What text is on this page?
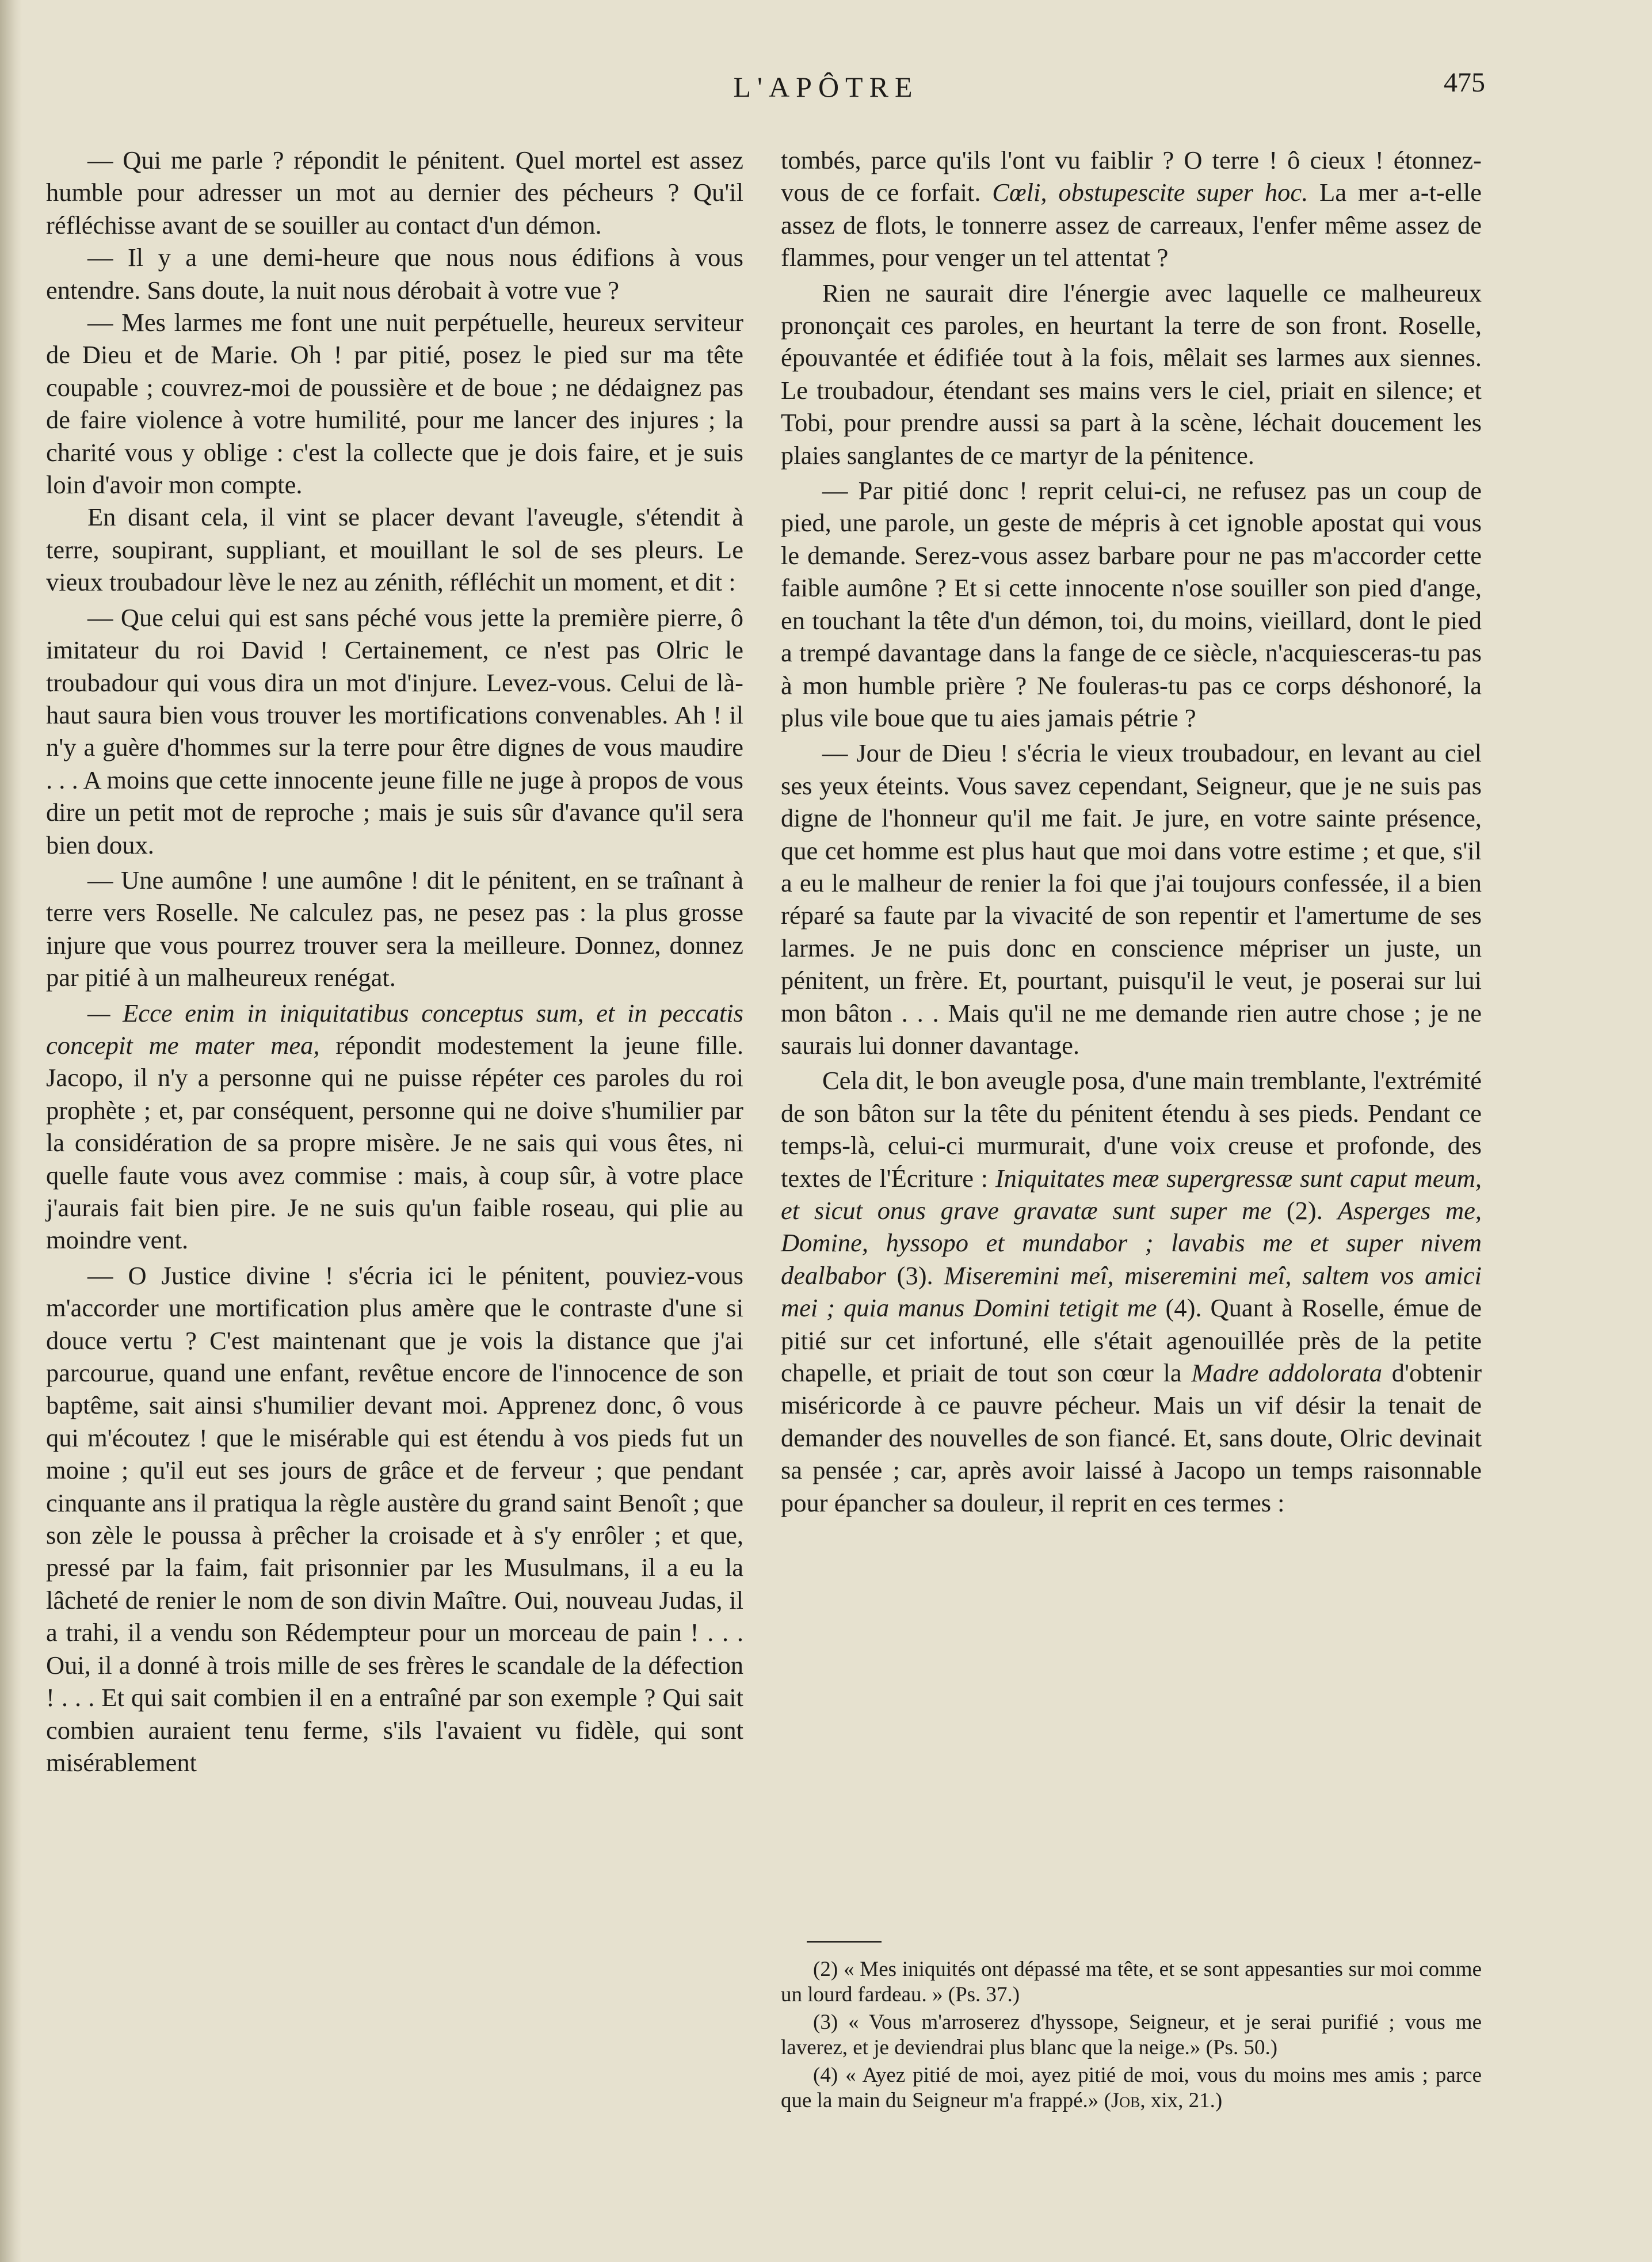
L'APÔTRE	475

— Qui me parle ? répondit le pénitent. Quel mortel est assez humble pour adresser un mot au dernier des pécheurs ? Qu'il réfléchisse avant de se souiller au contact d'un démon.

— Il y a une demi-heure que nous nous édifions à vous entendre. Sans doute, la nuit nous dérobait à votre vue ?

— Mes larmes me font une nuit perpétuelle, heureux serviteur de Dieu et de Marie. Oh ! par pitié, posez le pied sur ma tête coupable ; couvrez-moi de poussière et de boue ; ne dédaignez pas de faire violence à votre humilité, pour me lancer des injures ; la charité vous y oblige : c'est la collecte que je dois faire, et je suis loin d'avoir mon compte.

En disant cela, il vint se placer devant l'aveugle, s'étendit à terre, soupirant, suppliant, et mouillant le sol de ses pleurs. Le vieux troubadour lève le nez au zénith, réfléchit un moment, et dit :

— Que celui qui est sans péché vous jette la première pierre, ô imitateur du roi David ! Certainement, ce n'est pas Olric le troubadour qui vous dira un mot d'injure. Levez-vous. Celui de là-haut saura bien vous trouver les mortifications convenables. Ah ! il n'y a guère d'hommes sur la terre pour être dignes de vous maudire . . . A moins que cette innocente jeune fille ne juge à propos de vous dire un petit mot de reproche ; mais je suis sûr d'avance qu'il sera bien doux.

— Une aumône ! une aumône ! dit le pénitent, en se traînant à terre vers Roselle. Ne calculez pas, ne pesez pas : la plus grosse injure que vous pourrez trouver sera la meilleure. Donnez, donnez par pitié à un malheureux renégat.

— Ecce enim in iniquitatibus conceptus sum, et in peccatis concepit me mater mea, répondit modestement la jeune fille. Jacopo, il n'y a personne qui ne puisse répéter ces paroles du roi prophète ; et, par conséquent, personne qui ne doive s'humilier par la considération de sa propre misère. Je ne sais qui vous êtes, ni quelle faute vous avez commise : mais, à coup sûr, à votre place j'aurais fait bien pire. Je ne suis qu'un faible roseau, qui plie au moindre vent.

— O Justice divine ! s'écria ici le pénitent, pouviez-vous m'accorder une mortification plus amère que le contraste d'une si douce vertu ? C'est maintenant que je vois la distance que j'ai parcourue, quand une enfant, revêtue encore de l'innocence de son baptême, sait ainsi s'humilier devant moi. Apprenez donc, ô vous qui m'écoutez ! que le misérable qui est étendu à vos pieds fut un moine ; qu'il eut ses jours de grâce et de ferveur ; que pendant cinquante ans il pratiqua la règle austère du grand saint Benoît ; que son zèle le poussa à prêcher la croisade et à s'y enrôler ; et que, pressé par la faim, fait prisonnier par les Musulmans, il a eu la lâcheté de renier le nom de son divin Maître. Oui, nouveau Judas, il a trahi, il a vendu son Rédempteur pour un morceau de pain ! . . . Oui, il a donné à trois mille de ses frères le scandale de la défection ! . . . Et qui sait combien il en a entraîné par son exemple ? Qui sait combien auraient tenu ferme, s'ils l'avaient vu fidèle, qui sont misérablement

tombés, parce qu'ils l'ont vu faiblir ? O terre ! ô cieux ! étonnez-vous de ce forfait. Cœli, obstupescite super hoc. La mer a-t-elle assez de flots, le tonnerre assez de carreaux, l'enfer même assez de flammes, pour venger un tel attentat ?

Rien ne saurait dire l'énergie avec laquelle ce malheureux prononçait ces paroles, en heurtant la terre de son front. Roselle, épouvantée et édifiée tout à la fois, mêlait ses larmes aux siennes. Le troubadour, étendant ses mains vers le ciel, priait en silence; et Tobi, pour prendre aussi sa part à la scène, léchait doucement les plaies sanglantes de ce martyr de la pénitence.

— Par pitié donc ! reprit celui-ci, ne refusez pas un coup de pied, une parole, un geste de mépris à cet ignoble apostat qui vous le demande. Serez-vous assez barbare pour ne pas m'accorder cette faible aumône ? Et si cette innocente n'ose souiller son pied d'ange, en touchant la tête d'un démon, toi, du moins, vieillard, dont le pied a trempé davantage dans la fange de ce siècle, n'acquiesceras-tu pas à mon humble prière ? Ne fouleras-tu pas ce corps déshonoré, la plus vile boue que tu aies jamais pétrie ?

— Jour de Dieu ! s'écria le vieux troubadour, en levant au ciel ses yeux éteints. Vous savez cependant, Seigneur, que je ne suis pas digne de l'honneur qu'il me fait. Je jure, en votre sainte présence, que cet homme est plus haut que moi dans votre estime ; et que, s'il a eu le malheur de renier la foi que j'ai toujours confessée, il a bien réparé sa faute par la vivacité de son repentir et l'amertume de ses larmes. Je ne puis donc en conscience mépriser un juste, un pénitent, un frère. Et, pourtant, puisqu'il le veut, je poserai sur lui mon bâton . . . Mais qu'il ne me demande rien autre chose ; je ne saurais lui donner davantage.

Cela dit, le bon aveugle posa, d'une main tremblante, l'extrémité de son bâton sur la tête du pénitent étendu à ses pieds. Pendant ce temps-là, celui-ci murmurait, d'une voix creuse et profonde, des textes de l'Écriture : Iniquitates meæ supergressæ sunt caput meum, et sicut onus grave gravatæ sunt super me (2). Asperges me, Domine, hyssopo et mundabor ; lavabis me et super nivem dealbabor (3). Miseremini meî, miseremini meî, saltem vos amici mei ; quia manus Domini tetigit me (4). Quant à Roselle, émue de pitié sur cet infortuné, elle s'était agenouillée près de la petite chapelle, et priait de tout son cœur la Madre addolorata d'obtenir miséricorde à ce pauvre pécheur. Mais un vif désir la tenait de demander des nouvelles de son fiancé. Et, sans doute, Olric devinait sa pensée ; car, après avoir laissé à Jacopo un temps raisonnable pour épancher sa douleur, il reprit en ces termes :

(2) « Mes iniquités ont dépassé ma tête, et se sont appesanties sur moi comme un lourd fardeau. » (Ps. 37.)

(3) « Vous m'arroserez d'hyssope, Seigneur, et je serai purifié ; vous me laverez, et je deviendrai plus blanc que la neige.» (Ps. 50.)

(4) « Ayez pitié de moi, ayez pitié de moi, vous du moins mes amis ; parce que la main du Seigneur m'a frappé.» (Job, xix, 21.)
